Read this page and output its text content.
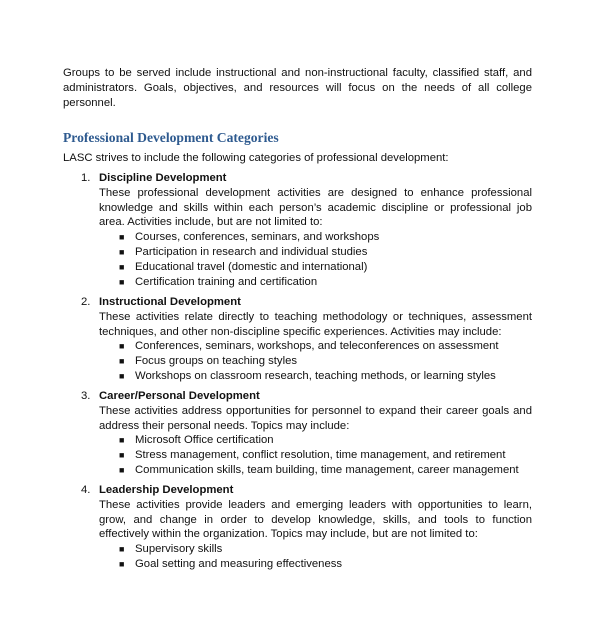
Groups to be served include instructional and non-instructional faculty, classified staff, and administrators. Goals, objectives, and resources will focus on the needs of all college personnel.

Professional Development Categories

LASC strives to include the following categories of professional development:

1. Discipline Development

These professional development activities are designed to enhance professional knowledge and skills within each person’s academic discipline or professional job area. Activities include, but are not limited to:

■ Courses, conferences, seminars, and workshops
■ Participation in research and individual studies
■ Educational travel (domestic and international)
■ Certification training and certification
2. Instructional Development

These activities relate directly to teaching methodology or techniques, assessment techniques, and other non-discipline specific experiences. Activities may include:

■ Conferences, seminars, workshops, and teleconferences on assessment
■ Focus groups on teaching styles
■ Workshops on classroom research, teaching methods, or learning styles
3. Career/Personal Development

These activities address opportunities for personnel to expand their career goals and address their personal needs. Topics may include:

■ Microsoft Office certification
■ Stress management, conflict resolution, time management, and retirement
■ Communication skills, team building, time management, career management
4. Leadership Development

These activities provide leaders and emerging leaders with opportunities to learn, grow, and change in order to develop knowledge, skills, and tools to function effectively within the organization. Topics may include, but are not limited to:

■ Supervisory skills
■ Goal setting and measuring effectiveness
